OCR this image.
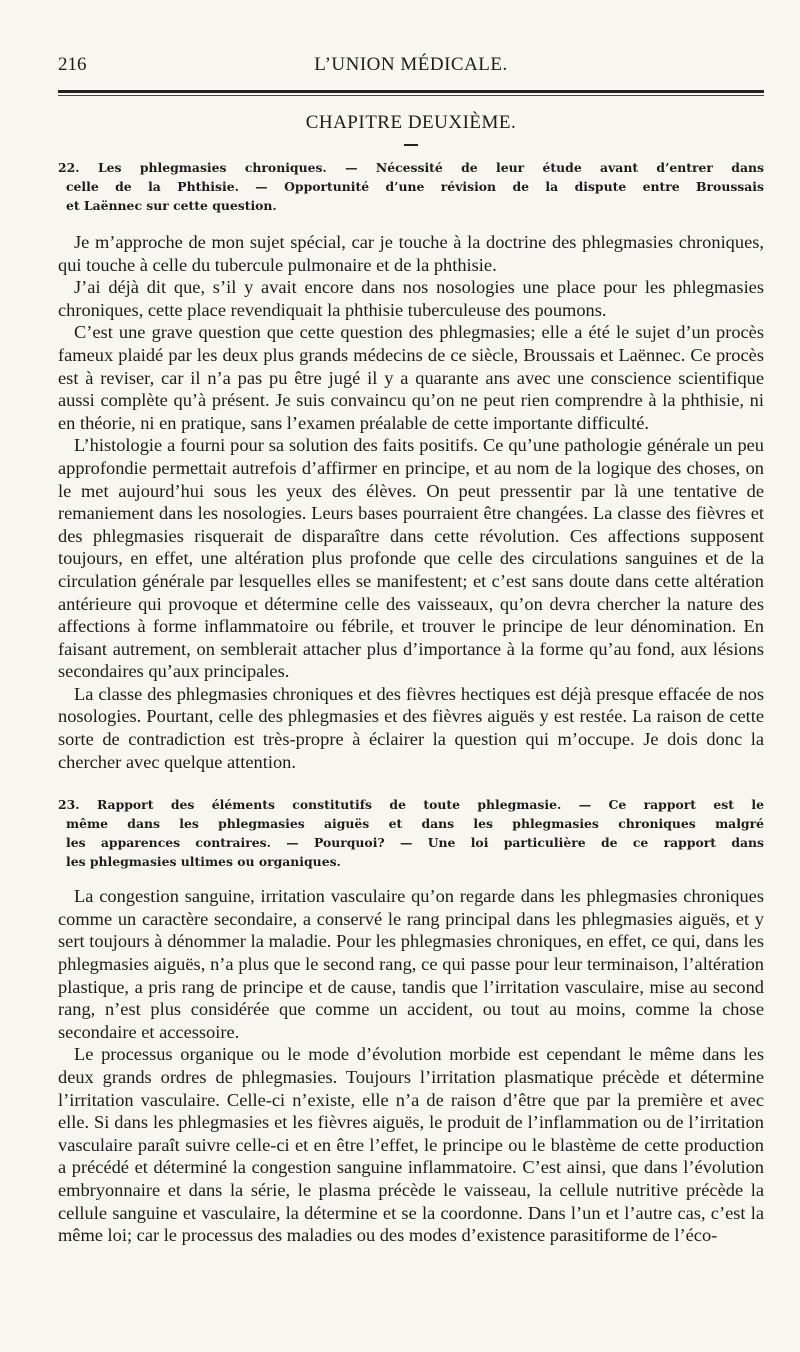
216	L’UNION MÉDICALE.
CHAPITRE DEUXIÈME.
22. Les phlegmasies chroniques. — Nécessité de leur étude avant d’entrer dans
celle de la Phthisie. — Opportunité d’une révision de la dispute entre Broussais
et Laënnec sur cette question.

Je m’approche de mon sujet spécial, car je touche à la doctrine des phlegmasies chroniques, qui touche à celle du tubercule pulmonaire et de la phthisie.

J’ai déjà dit que, s’il y avait encore dans nos nosologies une place pour les phlegmasies chroniques, cette place revendiquait la phthisie tuberculeuse des poumons.

C’est une grave question que cette question des phlegmasies; elle a été le sujet d’un procès fameux plaidé par les deux plus grands médecins de ce siècle, Broussais et Laënnec. Ce procès est à reviser, car il n’a pas pu être jugé il y a quarante ans avec une conscience scientifique aussi complète qu’à présent. Je suis convaincu qu’on ne peut rien comprendre à la phthisie, ni en théorie, ni en pratique, sans l’examen préalable de cette importante difficulté.

L’histologie a fourni pour sa solution des faits positifs. Ce qu’une pathologie générale un peu approfondie permettait autrefois d’affirmer en principe, et au nom de la logique des choses, on le met aujourd’hui sous les yeux des élèves. On peut pressentir par là une tentative de remaniement dans les nosologies. Leurs bases pourraient être changées. La classe des fièvres et des phlegmasies risquerait de disparaître dans cette révolution. Ces affections supposent toujours, en effet, une altération plus profonde que celle des circulations sanguines et de la circulation générale par lesquelles elles se manifestent; et c’est sans doute dans cette altération antérieure qui provoque et détermine celle des vaisseaux, qu’on devra chercher la nature des affections à forme inflammatoire ou fébrile, et trouver le principe de leur dénomination. En faisant autrement, on semblerait attacher plus d’importance à la forme qu’au fond, aux lésions secondaires qu’aux principales.

La classe des phlegmasies chroniques et des fièvres hectiques est déjà presque effacée de nos nosologies. Pourtant, celle des phlegmasies et des fièvres aiguës y est restée. La raison de cette sorte de contradiction est très-propre à éclairer la question qui m’occupe. Je dois donc la chercher avec quelque attention.

23. Rapport des éléments constitutifs de toute phlegmasie. — Ce rapport est le
même dans les phlegmasies aiguës et dans les phlegmasies chroniques malgré
les apparences contraires. — Pourquoi? — Une loi particulière de ce rapport dans
les phlegmasies ultimes ou organiques.

La congestion sanguine, irritation vasculaire qu’on regarde dans les phlegmasies chroniques comme un caractère secondaire, a conservé le rang principal dans les phlegmasies aiguës, et y sert toujours à dénommer la maladie. Pour les phlegmasies chroniques, en effet, ce qui, dans les phlegmasies aiguës, n’a plus que le second rang, ce qui passe pour leur terminaison, l’altération plastique, a pris rang de principe et de cause, tandis que l’irritation vasculaire, mise au second rang, n’est plus considérée que comme un accident, ou tout au moins, comme la chose secondaire et accessoire.

Le processus organique ou le mode d’évolution morbide est cependant le même dans les deux grands ordres de phlegmasies. Toujours l’irritation plasmatique précède et détermine l’irritation vasculaire. Celle-ci n’existe, elle n’a de raison d’être que par la première et avec elle. Si dans les phlegmasies et les fièvres aiguës, le produit de l’inflammation ou de l’irritation vasculaire paraît suivre celle-ci et en être l’effet, le principe ou le blastème de cette production a précédé et déterminé la congestion sanguine inflammatoire. C’est ainsi, que dans l’évolution embryonnaire et dans la série, le plasma précède le vaisseau, la cellule nutritive précède la cellule sanguine et vasculaire, la détermine et se la coordonne. Dans l’un et l’autre cas, c’est la même loi; car le processus des maladies ou des modes d’existence parasitiforme de l’éco-
